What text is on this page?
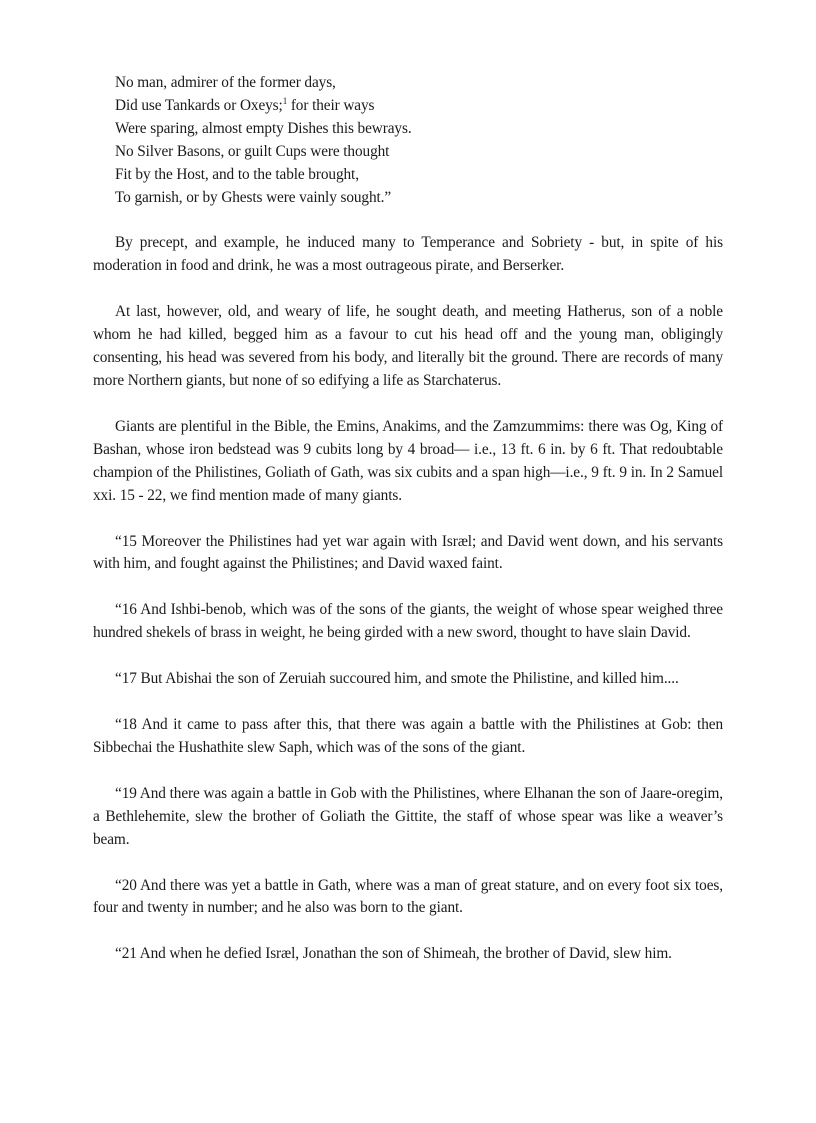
No man, admirer of the former days,
Did use Tankards or Oxeys;$^1$ for their ways
Were sparing, almost empty Dishes this bewrays.
No Silver Basons, or guilt Cups were thought
Fit by the Host, and to the table brought,
To garnish, or by Ghests were vainly sought.”

By precept, and example, he induced many to Temperance and Sobriety - but, in spite of his moderation in food and drink, he was a most outrageous pirate, and Berserker.

At last, however, old, and weary of life, he sought death, and meeting Hatherus, son of a noble whom he had killed, begged him as a favour to cut his head off and the young man, obligingly consenting, his head was severed from his body, and literally bit the ground. There are records of many more Northern giants, but none of so edifying a life as Starchaterus.

Giants are plentiful in the Bible, the Emins, Anakims, and the Zamzummims: there was Og, King of Bashan, whose iron bedstead was 9 cubits long by 4 broad— i.e., 13 ft. 6 in. by 6 ft. That redoubtable champion of the Philistines, Goliath of Gath, was six cubits and a span high—i.e., 9 ft. 9 in. In 2 Samuel xxi. 15 - 22, we find mention made of many giants.

“15 Moreover the Philistines had yet war again with Isræl; and David went down, and his servants with him, and fought against the Philistines; and David waxed faint.

“16 And Ishbi-benob, which was of the sons of the giants, the weight of whose spear weighed three hundred shekels of brass in weight, he being girded with a new sword, thought to have slain David.

“17 But Abishai the son of Zeruiah succoured him, and smote the Philistine, and killed him....

“18 And it came to pass after this, that there was again a battle with the Philistines at Gob: then Sibbechai the Hushathite slew Saph, which was of the sons of the giant.

“19 And there was again a battle in Gob with the Philistines, where Elhanan the son of Jaare-oregim, a Bethlehemite, slew the brother of Goliath the Gittite, the staff of whose spear was like a weaver’s beam.

“20 And there was yet a battle in Gath, where was a man of great stature, and on every foot six toes, four and twenty in number; and he also was born to the giant.

“21 And when he defied Isræl, Jonathan the son of Shimeah, the brother of David, slew him.
